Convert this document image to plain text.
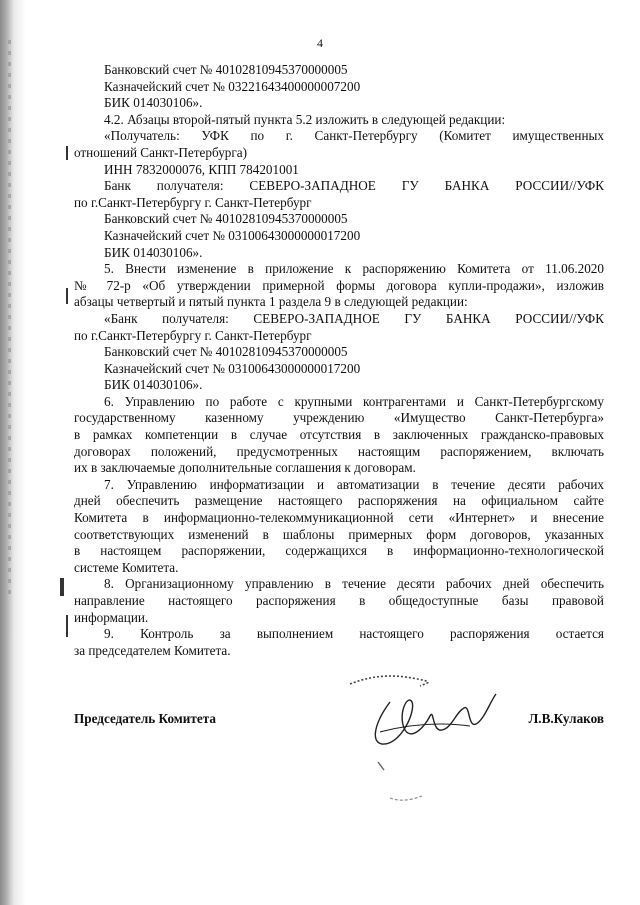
4
Банковский счет № 40102810945370000005
Казначейский счет № 03221643400000007200
БИК 014030106».
4.2. Абзацы второй-пятый пункта 5.2 изложить в следующей редакции:
«Получатель: УФК по г. Санкт-Петербургу (Комитет имущественных
отношений Санкт-Петербурга)
ИНН 7832000076, КПП 784201001
Банк получателя: СЕВЕРО-ЗАПАДНОЕ ГУ БАНКА РОССИИ//УФК
по г.Санкт-Петербургу г. Санкт-Петербург
Банковский счет № 40102810945370000005
Казначейский счет № 03100643000000017200
БИК 014030106».
5. Внести изменение в приложение к распоряжению Комитета от 11.06.2020
№ 72-р «Об утверждении примерной формы договора купли-продажи», изложив
абзацы четвертый и пятый пункта 1 раздела 9 в следующей редакции:
«Банк получателя: СЕВЕРО-ЗАПАДНОЕ ГУ БАНКА РОССИИ//УФК
по г.Санкт-Петербургу г. Санкт-Петербург
Банковский счет № 40102810945370000005
Казначейский счет № 03100643000000017200
БИК 014030106».
6. Управлению по работе с крупными контрагентами и Санкт-Петербургскому
государственному казенному учреждению «Имущество Санкт-Петербурга»
в рамках компетенции в случае отсутствия в заключенных гражданско-правовых
договорах положений, предусмотренных настоящим распоряжением, включать
их в заключаемые дополнительные соглашения к договорам.
7. Управлению информатизации и автоматизации в течение десяти рабочих
дней обеспечить размещение настоящего распоряжения на официальном сайте
Комитета в информационно-телекоммуникационной сети «Интернет» и внесение
соответствующих изменений в шаблоны примерных форм договоров, указанных
в настоящем распоряжении, содержащихся в информационно-технологической
системе Комитета.
8. Организационному управлению в течение десяти рабочих дней обеспечить
направление настоящего распоряжения в общедоступные базы правовой
информации.
9. Контроль за выполнением настоящего распоряжения остается
за председателем Комитета.
Председатель Комитета	Л.В.Кулаков
